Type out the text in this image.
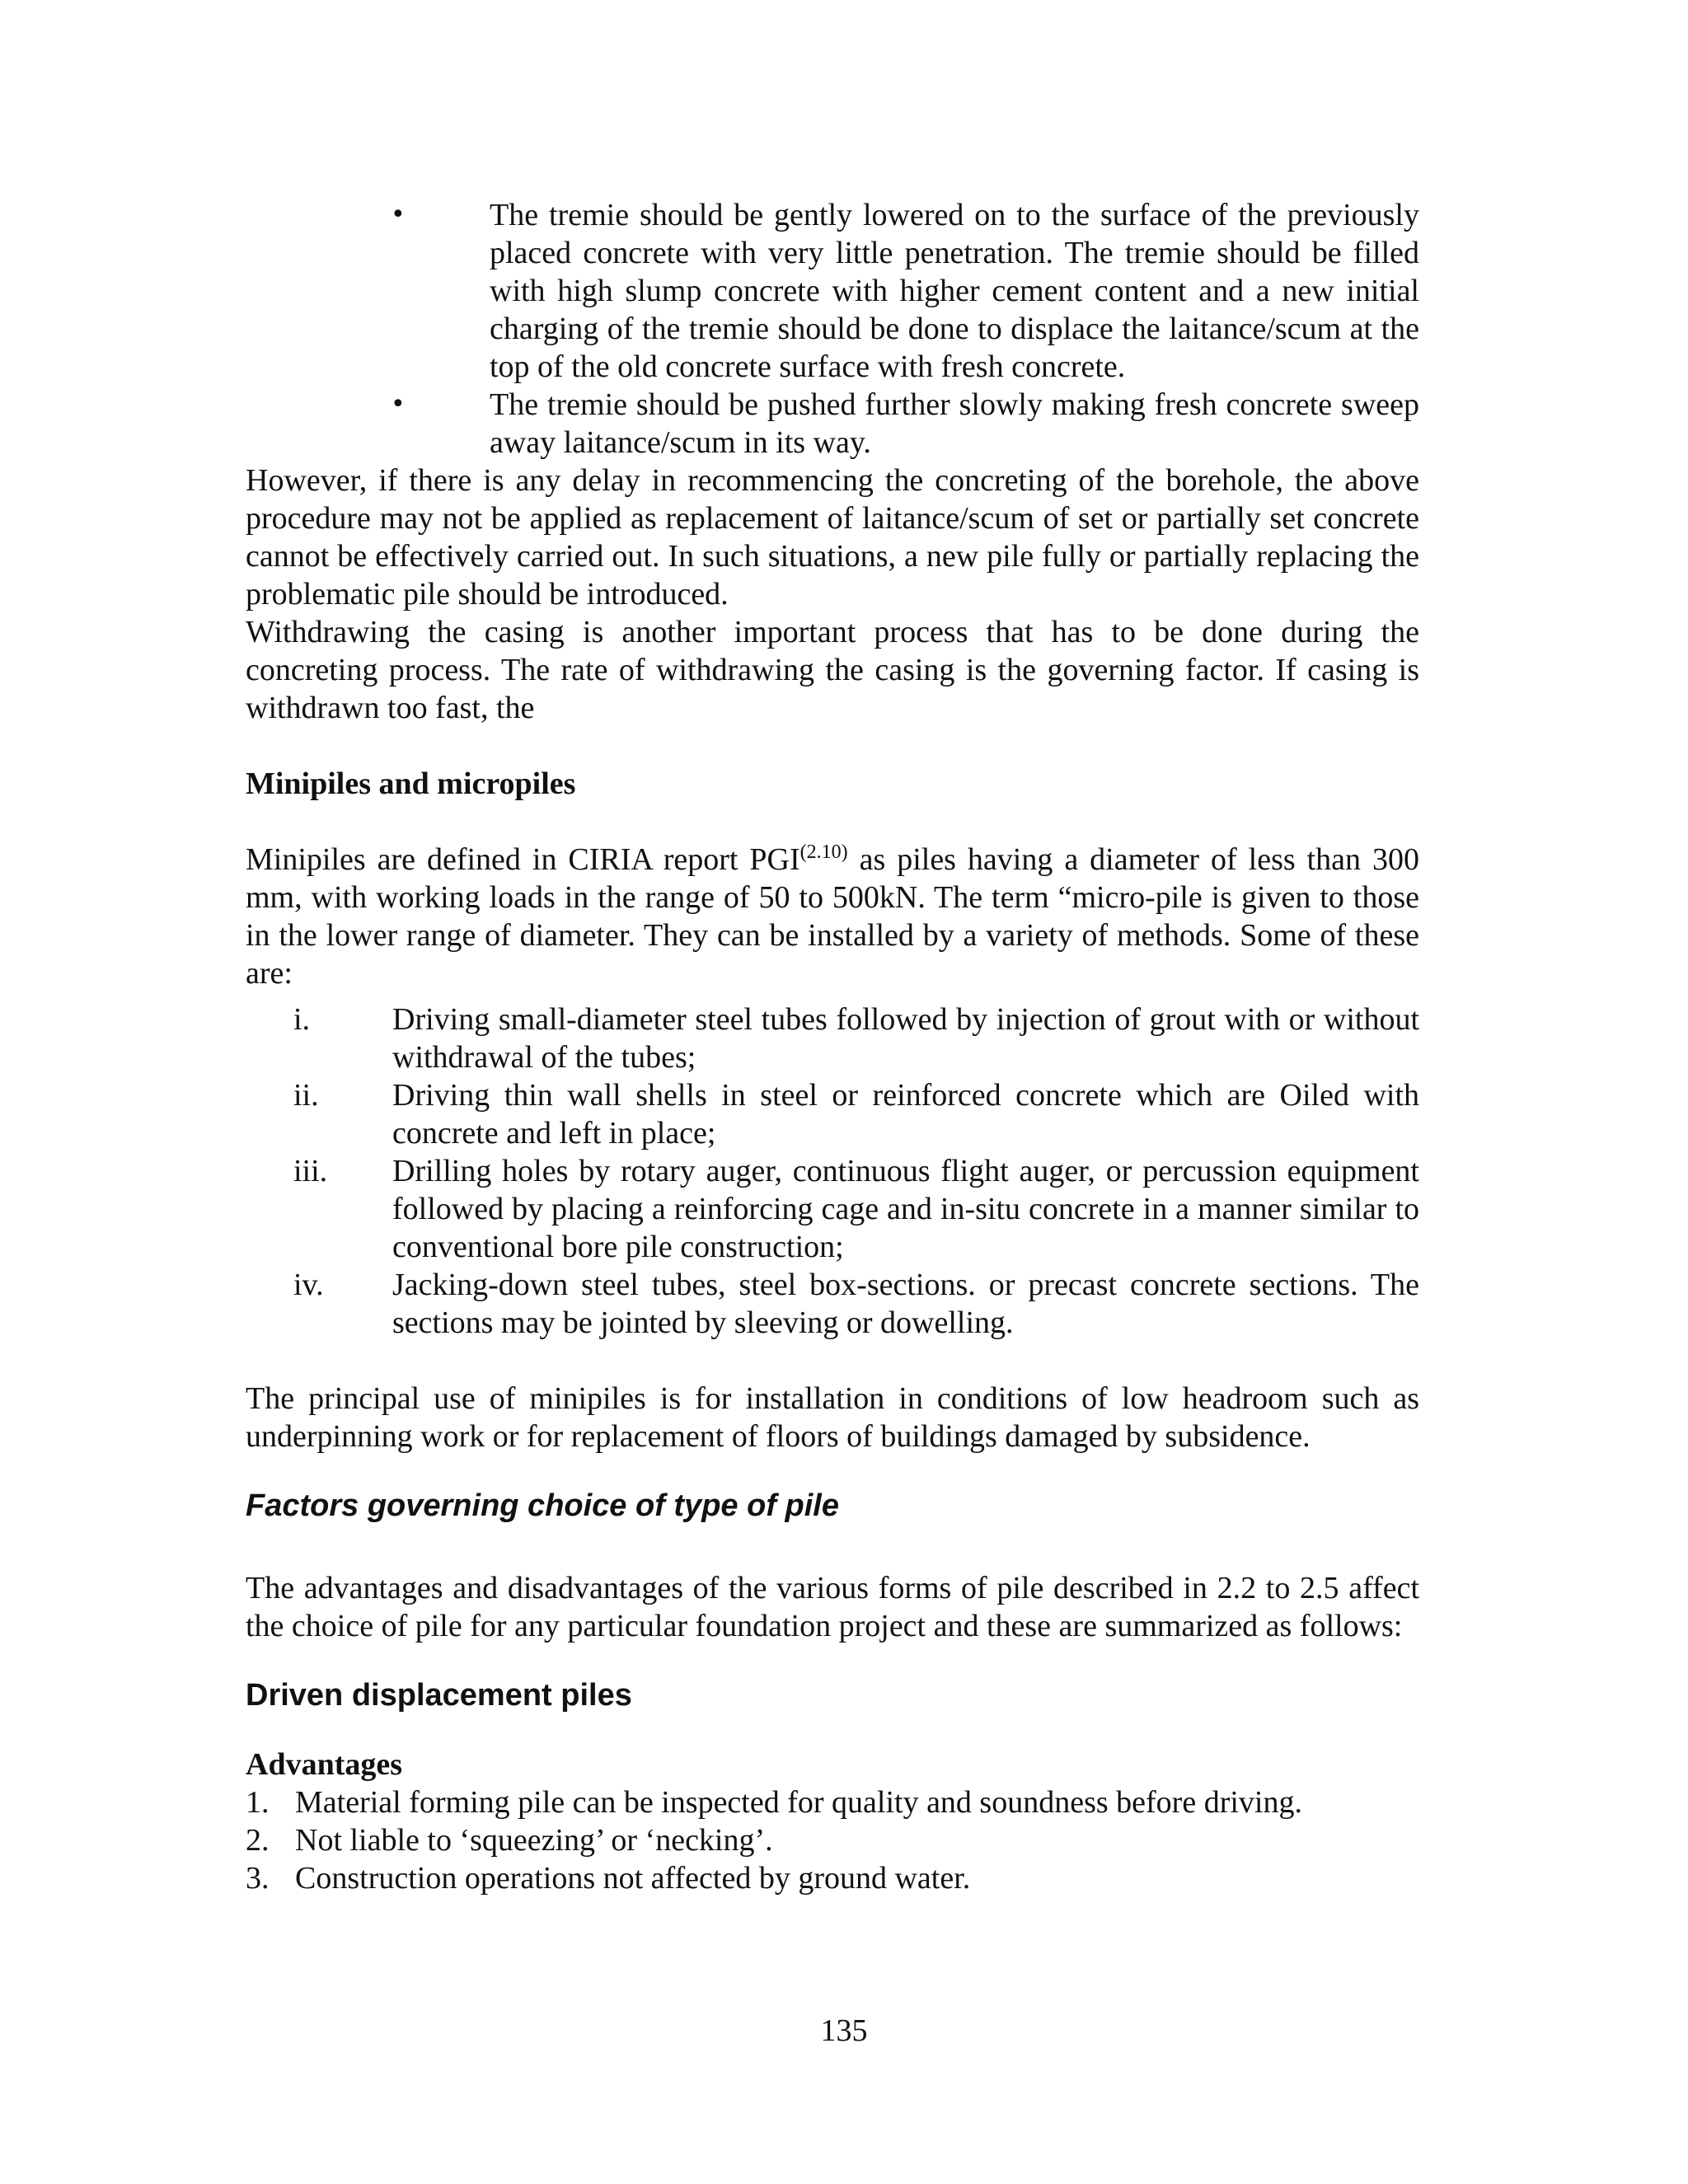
•	The tremie should be gently lowered on to the surface of the previously placed concrete with very little penetration. The tremie should be filled with high slump concrete with higher cement content and a new initial charging of the tremie should be done to displace the laitance/scum at the top of the old concrete surface with fresh concrete.
•	The tremie should be pushed further slowly making fresh concrete sweep away laitance/scum in its way.

However, if there is any delay in recommencing the concreting of the borehole, the above procedure may not be applied as replacement of laitance/scum of set or partially set concrete cannot be effectively carried out. In such situations, a new pile fully or partially replacing the problematic pile should be introduced.

Withdrawing the casing is another important process that has to be done during the concreting process. The rate of withdrawing the casing is the governing factor. If casing is withdrawn too fast, the

Minipiles and micropiles

Minipiles are defined in CIRIA report $PGI^{(2.10)}$ as piles having a diameter of less than 300 mm, with working loads in the range of 50 to 500kN. The term “micro-pile is given to those in the lower range of diameter. They can be installed by a variety of methods. Some of these are:

i.	Driving small-diameter steel tubes followed by injection of grout with or without withdrawal of the tubes;
ii. Driving thin wall shells in steel or reinforced concrete which are Oiled with concrete and left in place;
iii. Drilling holes by rotary auger, continuous flight auger, or percussion equipment followed by placing a reinforcing cage and in-situ concrete in a manner similar to conventional bore pile construction;
iv. Jacking-down steel tubes, steel box-sections. or precast concrete sections. The sections may be jointed by sleeving or dowelling.

The principal use of minipiles is for installation in conditions of low headroom such as underpinning work or for replacement of floors of buildings damaged by subsidence.

Factors governing choice of type of pile

The advantages and disadvantages of the various forms of pile described in 2.2 to 2.5 affect the choice of pile for any particular foundation project and these are summarized as follows:

Driven displacement piles
Advantages
1. Material forming pile can be inspected for quality and soundness before driving.
2. Not liable to ‘squeezing’ or ‘necking’.
3. Construction operations not affected by ground water.
135
